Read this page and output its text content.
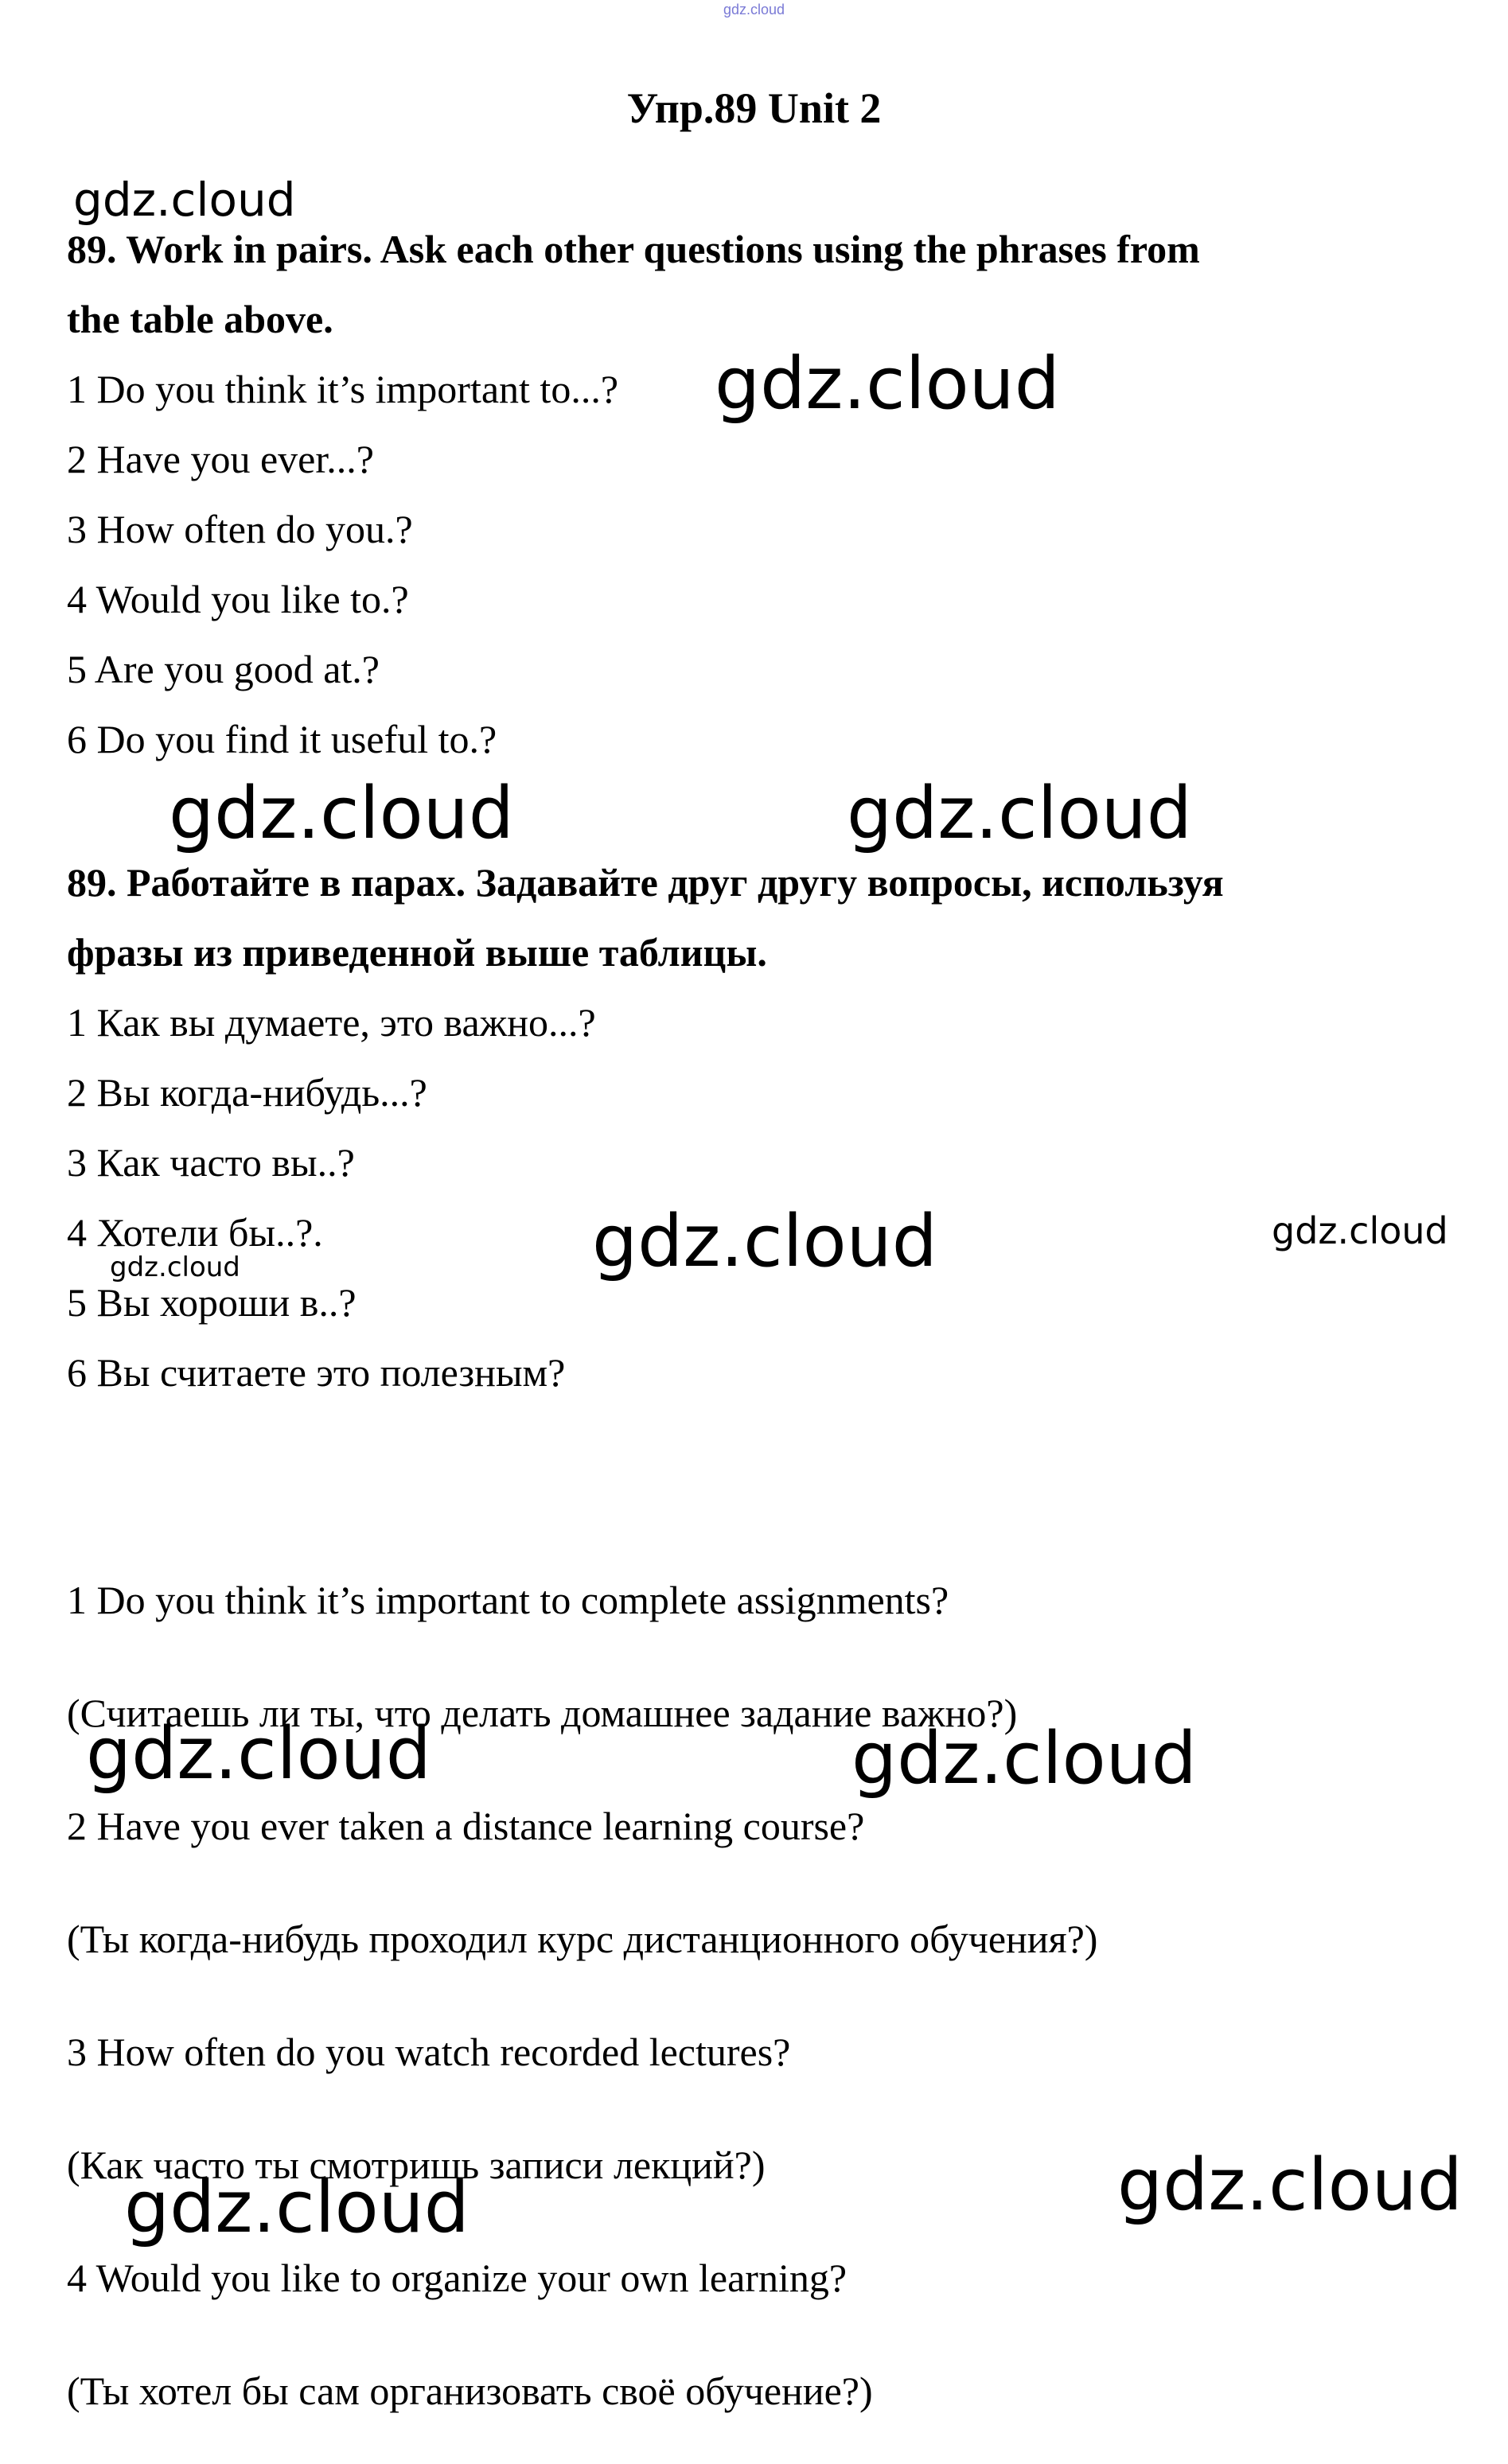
gdz.cloud
Упр.89 Unit 2
89. Work in pairs. Ask each other questions using the phrases from
the table above.
1 Do you think it’s important to...?
2 Have you ever...?
3 How often do you.?
4 Would you like to.?
5 Are you good at.?
6 Do you find it useful to.?
89. Работайте в парах. Задавайте друг другу вопросы, используя
фразы из приведенной выше таблицы.
1 Как вы думаете, это важно...?
2 Вы когда-нибудь...?
3 Как часто вы..?
4 Хотели бы..?.
5 Вы хороши в..?
6 Вы считаете это полезным?
1 Do you think it’s important to complete assignments?
(Считаешь ли ты, что делать домашнее задание важно?)
2 Have you ever taken a distance learning course?
(Ты когда-нибудь проходил курс дистанционного обучения?)
3 How often do you watch recorded lectures?
(Как часто ты смотришь записи лекций?)
4 Would you like to organize your own learning?
(Ты хотел бы сам организовать своё обучение?)
gdz.cloud
gdz.cloud
gdz.cloud	gdz.cloud
gdz.cloud	gdz.cloud
gdz.cloud
gdz.cloud	gdz.cloud
gdz.cloud
gdz.cloud
